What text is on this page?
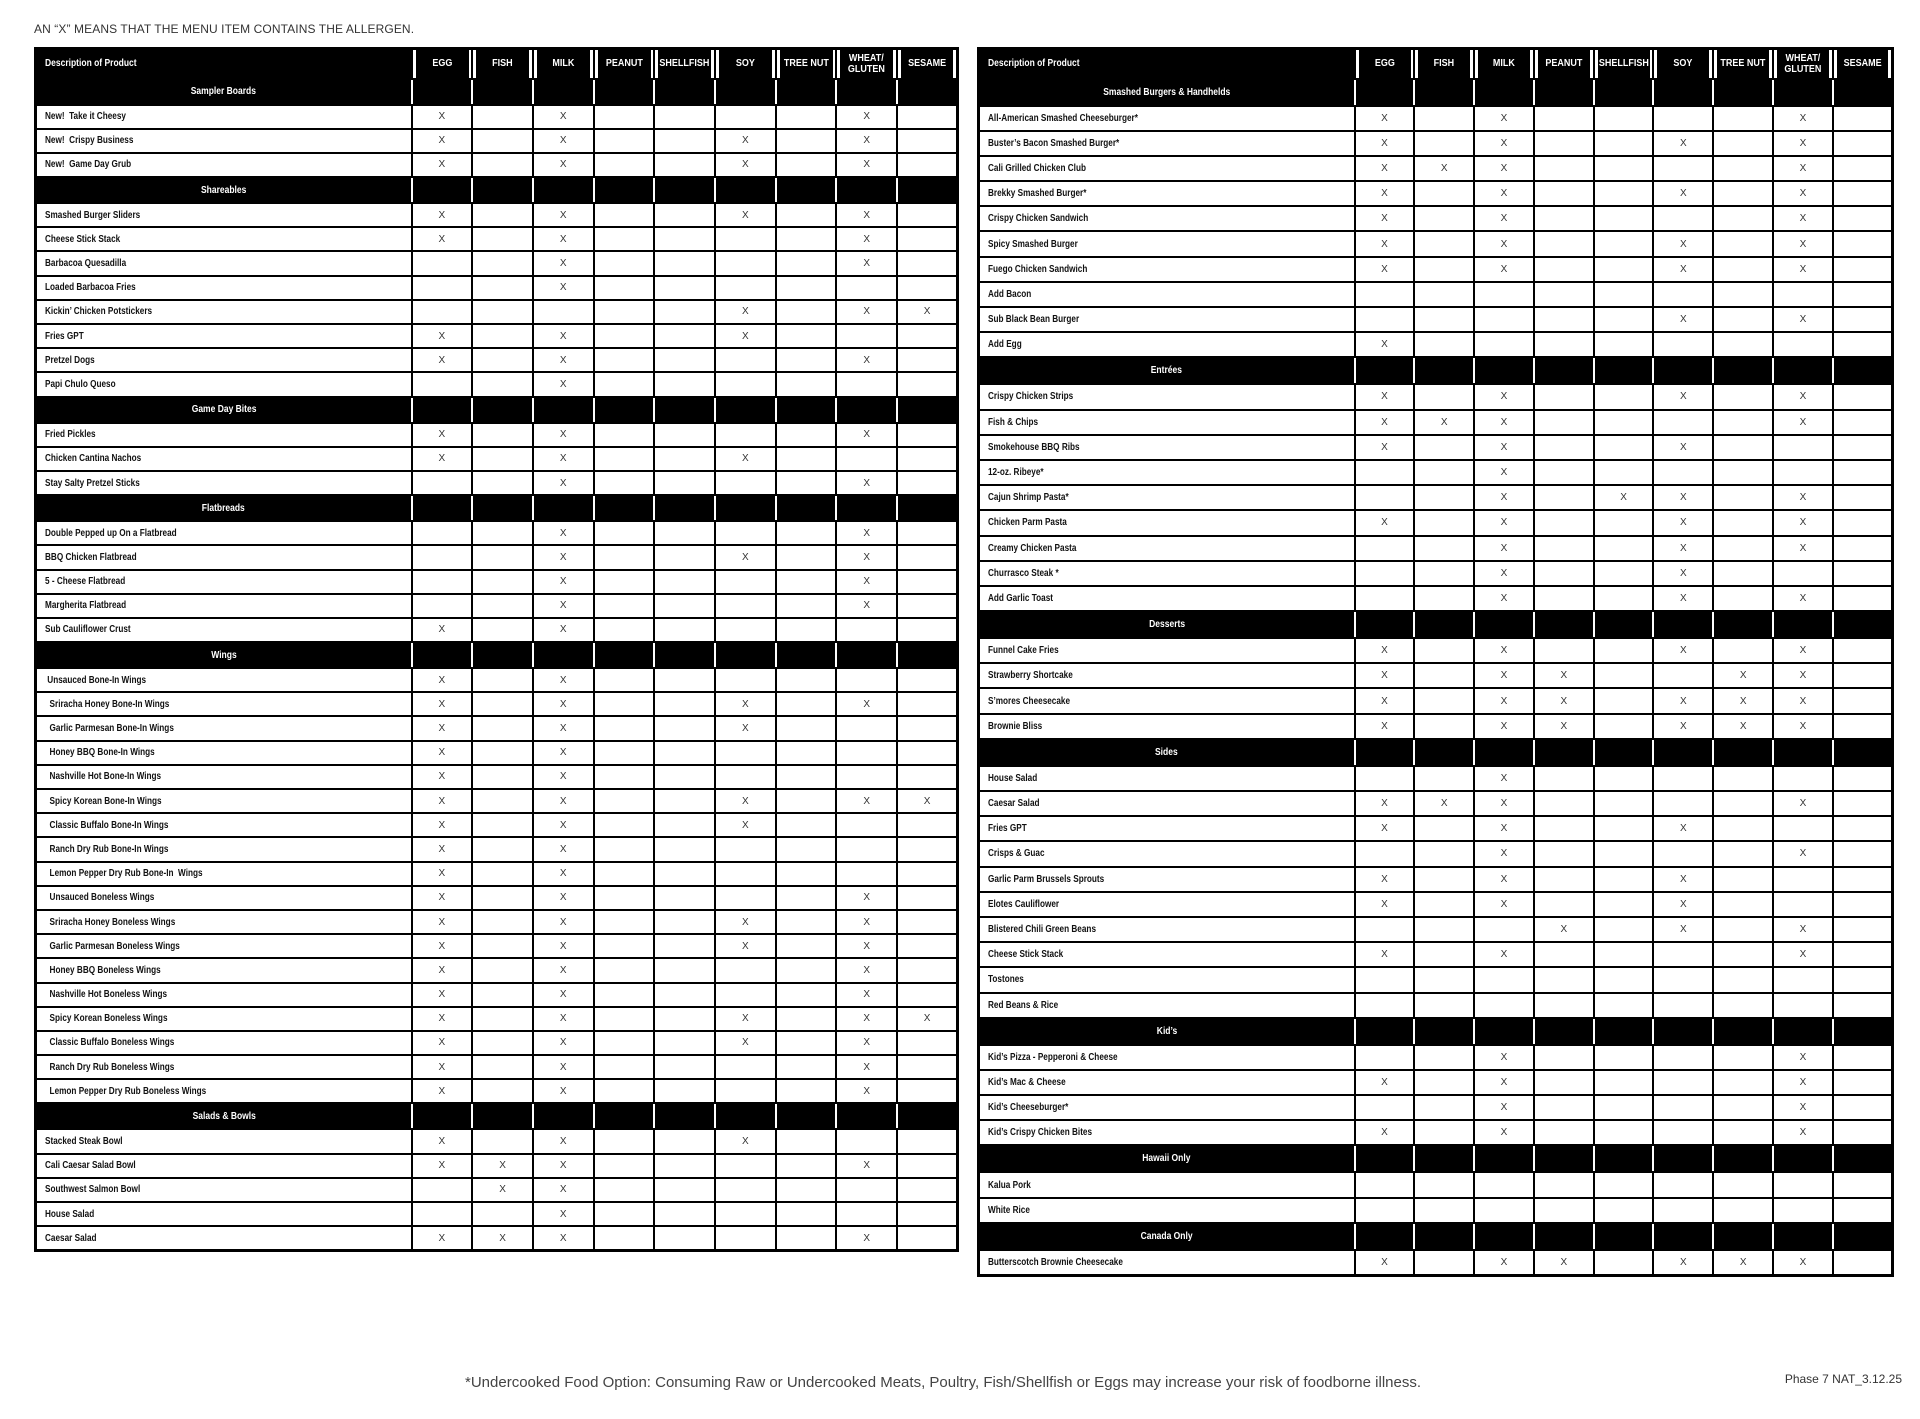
AN “X” MEANS THAT THE MENU ITEM CONTAINS THE ALLERGEN.
Description of Product	EGG	FISH	MILK	PEANUT	SHELLFISH	SOY	TREE NUT	WHEAT/ GLUTEN	SESAME
Sampler Boards									
New!  Take it Cheesy	X		X					X	
New!  Crispy Business	X		X			X		X	
New!  Game Day Grub	X		X			X		X	
Shareables									
Smashed Burger Sliders	X		X			X		X	
Cheese Stick Stack	X		X					X	
Barbacoa Quesadilla			X					X	
Loaded Barbacoa Fries			X						
Kickin’ Chicken Potstickers						X		X	X
Fries GPT	X		X			X			
Pretzel Dogs	X		X					X	
Papi Chulo Queso			X						
Game Day Bites									
Fried Pickles	X		X					X	
Chicken Cantina Nachos	X		X			X			
Stay Salty Pretzel Sticks			X					X	
Flatbreads									
Double Pepped up On a Flatbread			X					X	
BBQ Chicken Flatbread			X			X		X	
5 - Cheese Flatbread			X					X	
Margherita Flatbread			X					X	
Sub Cauliflower Crust	X		X						
Wings									
Unsauced Bone-In Wings	X		X						
Sriracha Honey Bone-In Wings	X		X			X		X	
Garlic Parmesan Bone-In Wings	X		X			X			
Honey BBQ Bone-In Wings	X		X						
Nashville Hot Bone-In Wings	X		X						
Spicy Korean Bone-In Wings	X		X			X		X	X
Classic Buffalo Bone-In Wings	X		X			X			
Ranch Dry Rub Bone-In Wings	X		X						
Lemon Pepper Dry Rub Bone-In  Wings	X		X						
Unsauced Boneless Wings	X		X					X	
Sriracha Honey Boneless Wings	X		X			X		X	
Garlic Parmesan Boneless Wings	X		X			X		X	
Honey BBQ Boneless Wings	X		X					X	
Nashville Hot Boneless Wings	X		X					X	
Spicy Korean Boneless Wings	X		X			X		X	X
Classic Buffalo Boneless Wings	X		X			X		X	
Ranch Dry Rub Boneless Wings	X		X					X	
Lemon Pepper Dry Rub Boneless Wings	X		X					X	
Salads & Bowls									
Stacked Steak Bowl	X		X			X			
Cali Caesar Salad Bowl	X	X	X					X	
Southwest Salmon Bowl		X	X						
House Salad			X						
Caesar Salad	X	X	X					X	
Description of Product	EGG	FISH	MILK	PEANUT	SHELLFISH	SOY	TREE NUT	WHEAT/ GLUTEN	SESAME
Smashed Burgers & Handhelds									
All-American Smashed Cheeseburger*	X		X					X	
Buster’s Bacon Smashed Burger*	X		X			X		X	
Cali Grilled Chicken Club	X	X	X					X	
Brekky Smashed Burger*	X		X			X		X	
Crispy Chicken Sandwich	X		X					X	
Spicy Smashed Burger	X		X			X		X	
Fuego Chicken Sandwich	X		X			X		X	
Add Bacon									
Sub Black Bean Burger						X		X	
Add Egg	X								
Entrées									
Crispy Chicken Strips	X		X			X		X	
Fish & Chips	X	X	X					X	
Smokehouse BBQ Ribs	X		X			X			
12-oz. Ribeye*			X						
Cajun Shrimp Pasta*			X		X	X		X	
Chicken Parm Pasta	X		X			X		X	
Creamy Chicken Pasta			X			X		X	
Churrasco Steak *			X			X			
Add Garlic Toast			X			X		X	
Desserts									
Funnel Cake Fries	X		X			X		X	
Strawberry Shortcake	X		X	X			X	X	
S’mores Cheesecake	X		X	X		X	X	X	
Brownie Bliss	X		X	X		X	X	X	
Sides									
House Salad			X						
Caesar Salad	X	X	X					X	
Fries GPT	X		X			X			
Crisps & Guac			X					X	
Garlic Parm Brussels Sprouts	X		X			X			
Elotes Cauliflower	X		X			X			
Blistered Chili Green Beans				X		X		X	
Cheese Stick Stack	X		X					X	
Tostones									
Red Beans & Rice									
Kid’s									
Kid’s Pizza - Pepperoni & Cheese			X					X	
Kid’s Mac & Cheese	X		X					X	
Kid’s Cheeseburger*			X					X	
Kid’s Crispy Chicken Bites	X		X					X	
Hawaii Only									
Kalua Pork									
White Rice									
Canada Only									
Butterscotch Brownie Cheesecake	X		X	X		X	X	X	
*Undercooked Food Option: Consuming Raw or Undercooked Meats, Poultry, Fish/Shellfish or Eggs may increase your risk of foodborne illness.	Phase 7 NAT_3.12.25
